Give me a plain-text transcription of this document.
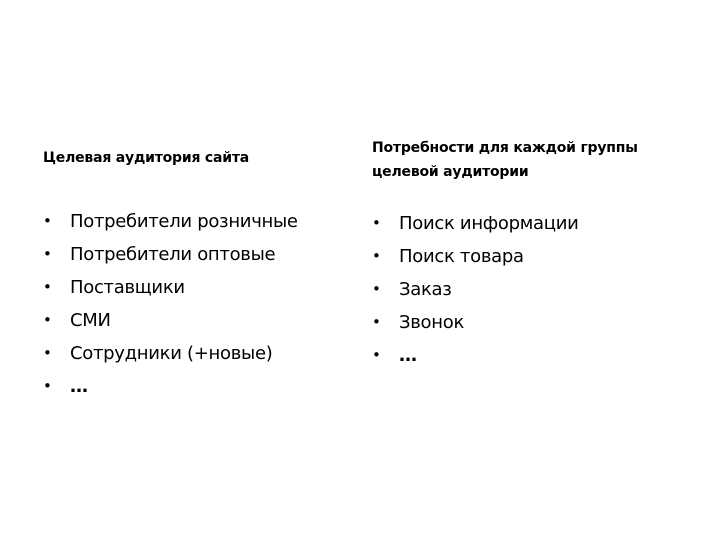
Целевая аудитория сайта
• Потребители розничные
• Потребители оптовые
• Поставщики
• СМИ
• Сотрудники (+новые)
• …
Потребности для каждой группы
целевой аудитории
• Поиск информации
• Поиск товара
• Заказ
• Звонок
• …
